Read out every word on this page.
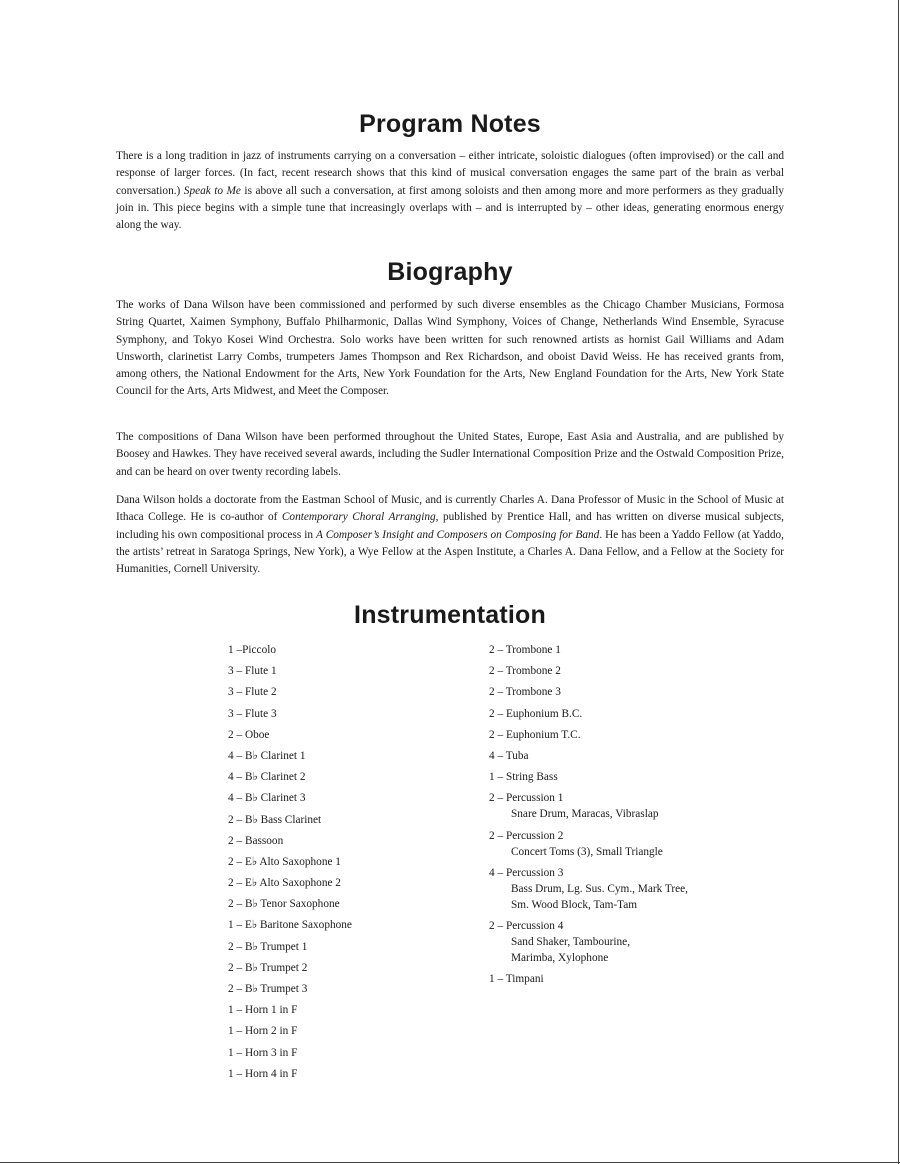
Program Notes

There is a long tradition in jazz of instruments carrying on a conversation – either intricate, soloistic dialogues (often improvised) or the call and response of larger forces. (In fact, recent research shows that this kind of musical conversation engages the same part of the brain as verbal conversation.) Speak to Me is above all such a conversation, at first among soloists and then among more and more performers as they gradually join in. This piece begins with a simple tune that increasingly overlaps with – and is interrupted by – other ideas, generating enormous energy along the way.

Biography

The works of Dana Wilson have been commissioned and performed by such diverse ensembles as the Chicago Chamber Musicians, Formosa String Quartet, Xaimen Symphony, Buffalo Philharmonic, Dallas Wind Symphony, Voices of Change, Netherlands Wind Ensemble, Syracuse Symphony, and Tokyo Kosei Wind Orchestra. Solo works have been written for such renowned artists as hornist Gail Williams and Adam Unsworth, clarinetist Larry Combs, trumpeters James Thompson and Rex Richardson, and oboist David Weiss. He has received grants from, among others, the National Endowment for the Arts, New York Foundation for the Arts, New England Foundation for the Arts, New York State Council for the Arts, Arts Midwest, and Meet the Composer.

The compositions of Dana Wilson have been performed throughout the United States, Europe, East Asia and Australia, and are published by Boosey and Hawkes. They have received several awards, including the Sudler International Composition Prize and the Ostwald Composition Prize, and can be heard on over twenty recording labels.

Dana Wilson holds a doctorate from the Eastman School of Music, and is currently Charles A. Dana Professor of Music in the School of Music at Ithaca College. He is co-author of Contemporary Choral Arranging, published by Prentice Hall, and has written on diverse musical subjects, including his own compositional process in A Composer’s Insight and Composers on Composing for Band. He has been a Yaddo Fellow (at Yaddo, the artists’ retreat in Saratoga Springs, New York), a Wye Fellow at the Aspen Institute, a Charles A. Dana Fellow, and a Fellow at the Society for Humanities, Cornell University.

Instrumentation
1 –Piccolo
3 – Flute 1
3 – Flute 2
3 – Flute 3
2 – Oboe
4 – B♭ Clarinet 1
4 – B♭ Clarinet 2
4 – B♭ Clarinet 3
2 – B♭ Bass Clarinet
2 – Bassoon
2 – E♭ Alto Saxophone 1
2 – E♭ Alto Saxophone 2
2 – B♭ Tenor Saxophone
1 – E♭ Baritone Saxophone
2 – B♭ Trumpet 1
2 – B♭ Trumpet 2
2 – B♭ Trumpet 3
1 – Horn 1 in F
1 – Horn 2 in F
1 – Horn 3 in F
1 – Horn 4 in F
2 – Trombone 1
2 – Trombone 2
2 – Trombone 3
2 – Euphonium B.C.
2 – Euphonium T.C.
4 – Tuba
1 – String Bass
2 – Percussion 1
Snare Drum, Maracas, Vibraslap
2 – Percussion 2
Concert Toms (3), Small Triangle
4 – Percussion 3
Bass Drum, Lg. Sus. Cym., Mark Tree,
Sm. Wood Block, Tam-Tam
2 – Percussion 4
Sand Shaker, Tambourine,
Marimba, Xylophone
1 – Timpani
